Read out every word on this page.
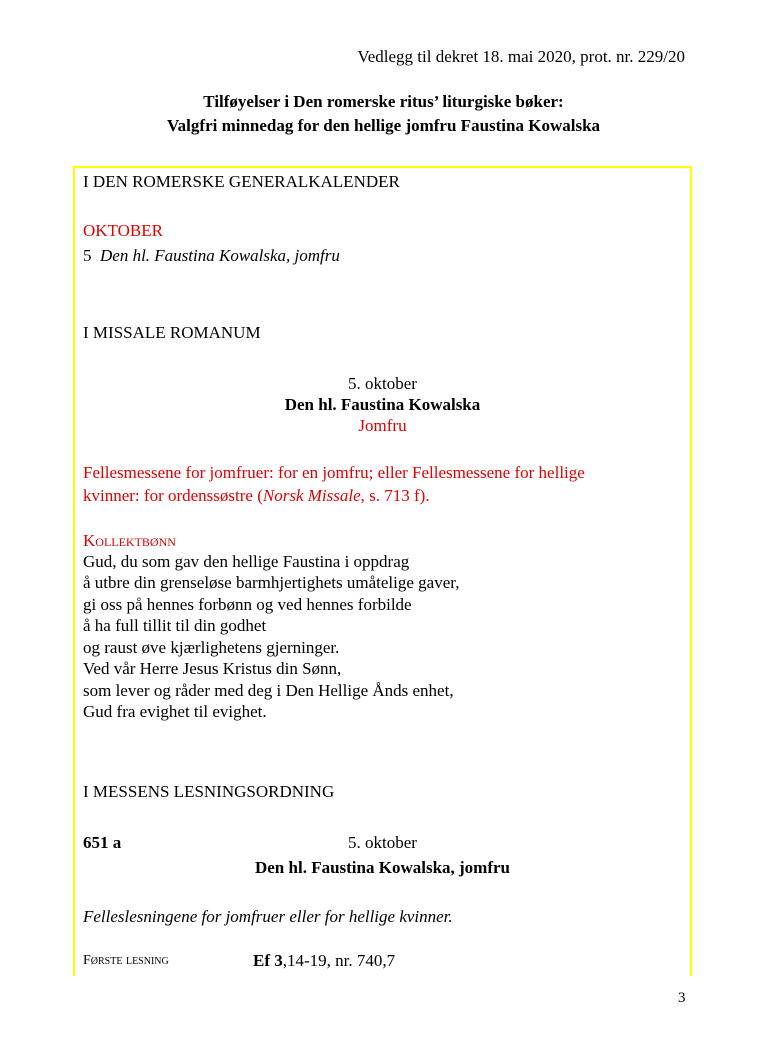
Vedlegg til dekret 18. mai 2020, prot. nr. 229/20
Tilføyelser i Den romerske ritus’ liturgiske bøker:
Valgfri minnedag for den hellige jomfru Faustina Kowalska
I DEN ROMERSKE GENERALKALENDER
OKTOBER
5 Den hl. Faustina Kowalska, jomfru
I MISSALE ROMANUM
5. oktober
Den hl. Faustina Kowalska
Jomfru
Fellesmessene for jomfruer: for en jomfru; eller Fellesmessene for hellige
kvinner: for ordenssøstre (Norsk Missale, s. 713 f).
Kollektbønn
Gud, du som gav den hellige Faustina i oppdrag
å utbre din grenseløse barmhjertighets umåtelige gaver,
gi oss på hennes forbønn og ved hennes forbilde
å ha full tillit til din godhet
og raust øve kjærlighetens gjerninger.
Ved vår Herre Jesus Kristus din Sønn,
som lever og råder med deg i Den Hellige Ånds enhet,
Gud fra evighet til evighet.
I MESSENS LESNINGSORDNING
651 a	5. oktober
Den hl. Faustina Kowalska, jomfru
Felleslesningene for jomfruer eller for hellige kvinner.
Første lesning	Ef 3,14-19, nr. 740,7
3
